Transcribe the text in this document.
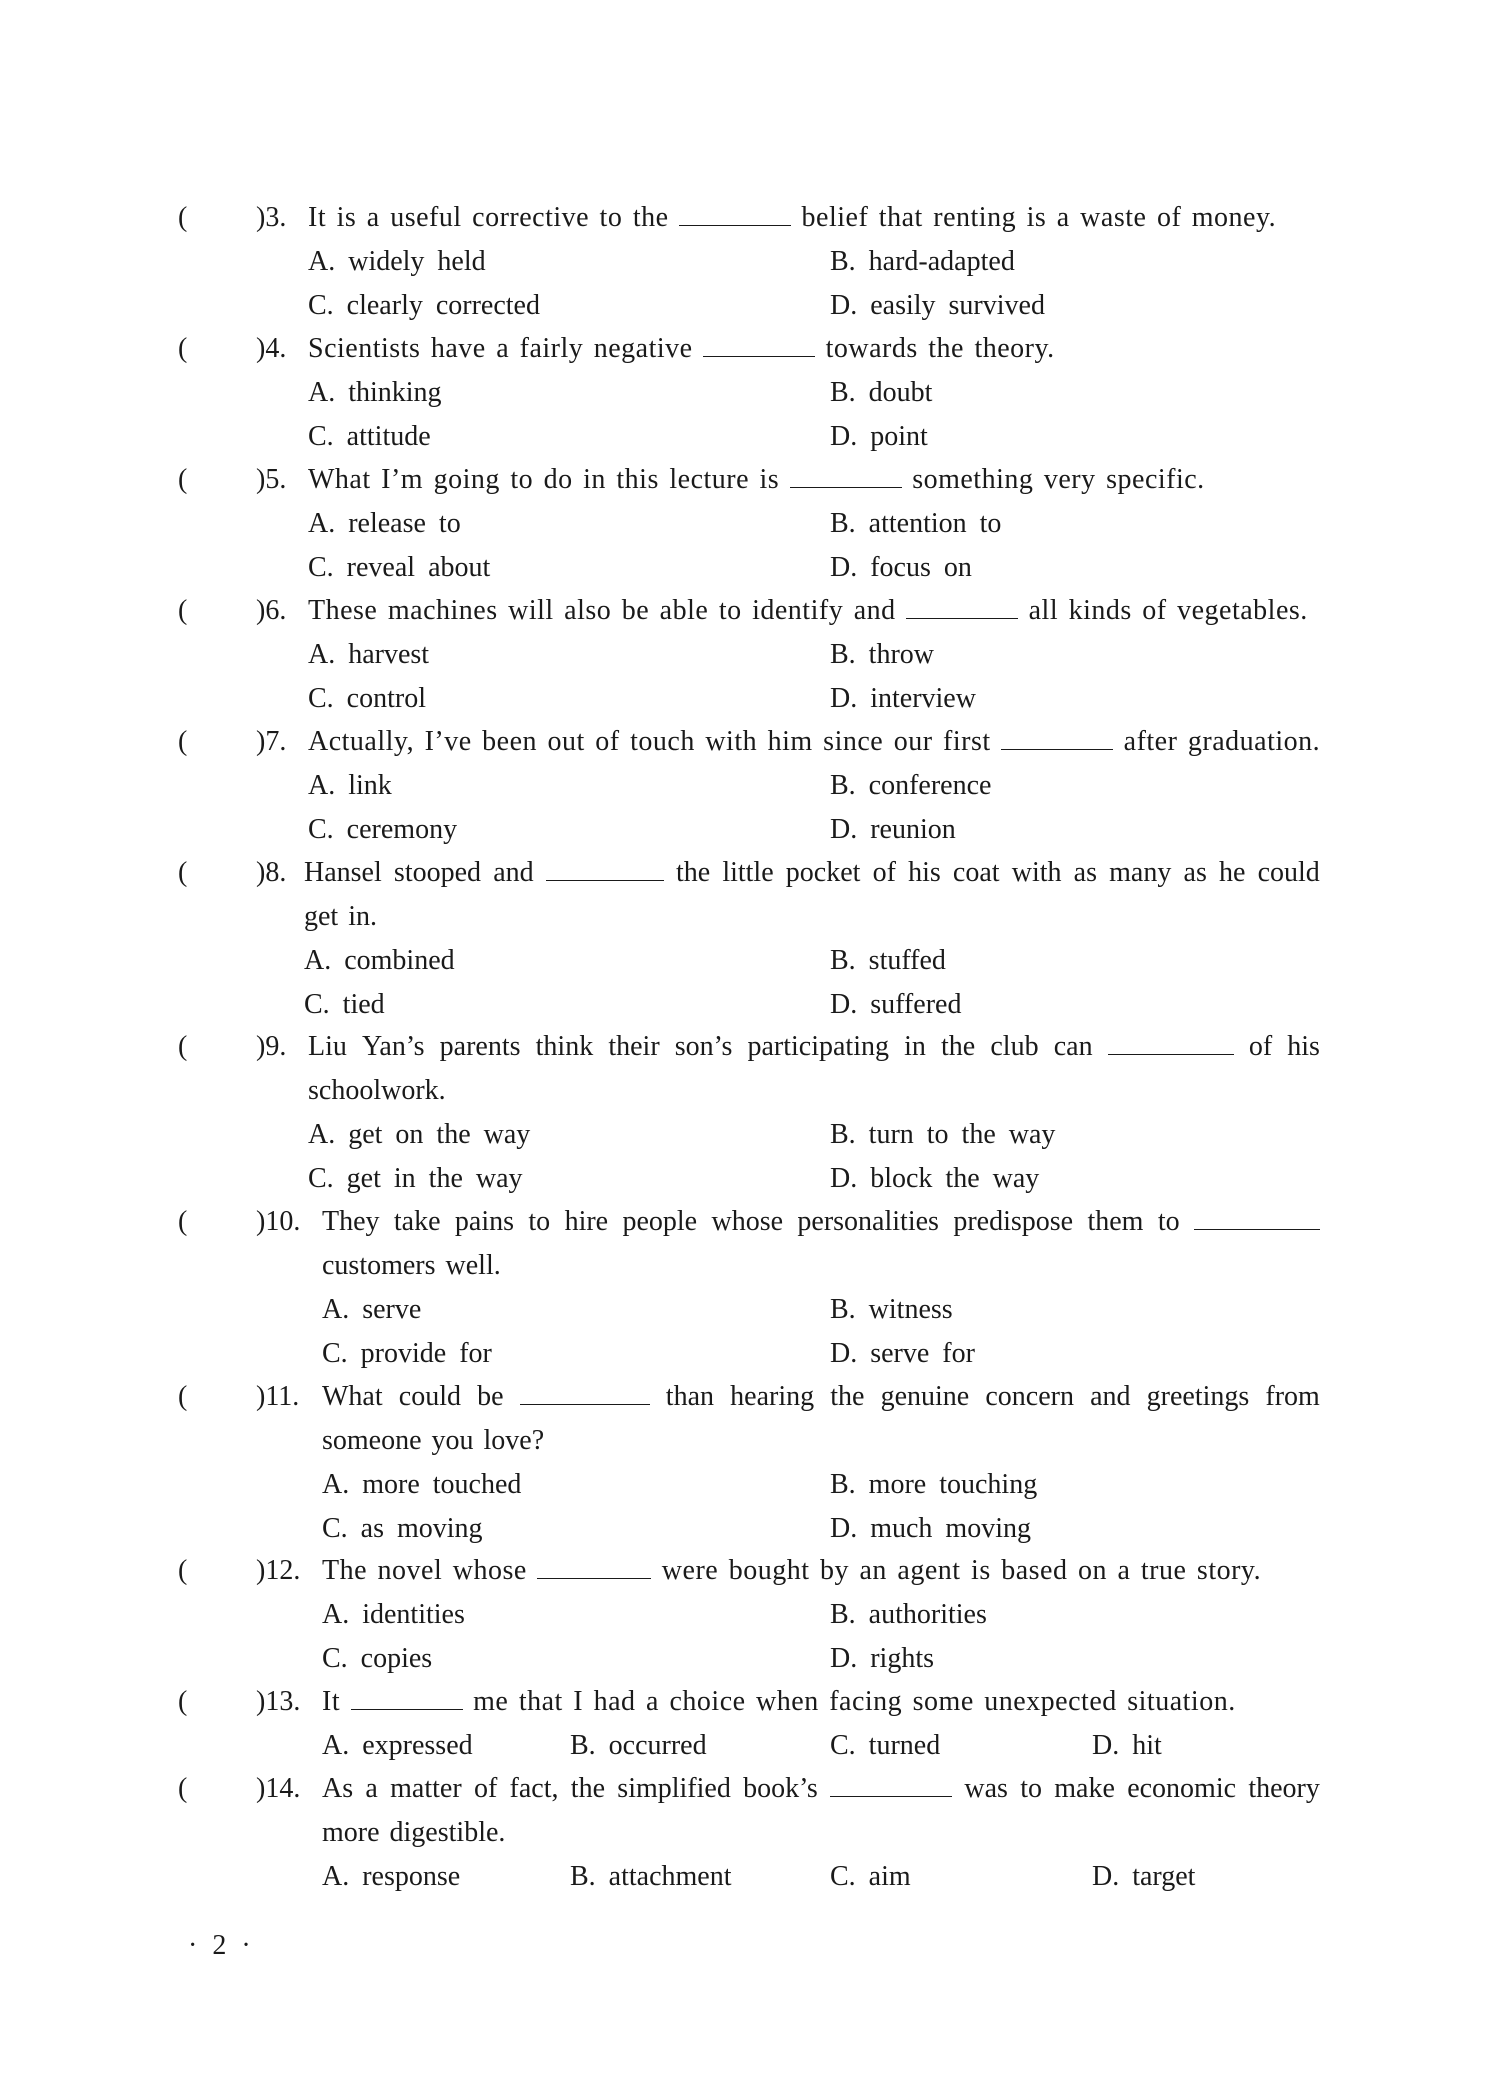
(	)3. It is a useful corrective to the	belief that renting is a waste of money.
A. widely held	B. hard-adapted
C. clearly corrected	D. easily survived
(	)4. Scientists have a fairly negative	towards the theory.
A. thinking	B. doubt
C. attitude	D. point
(	)5. What I’m going to do in this lecture is	something very specific.
A. release to	B. attention to
C. reveal about	D. focus on
(	)6. These machines will also be able to identify and	all kinds of vegetables.
A. harvest	B. throw
C. control	D. interview
(	)7. Actually, I’ve been out of touch with him since our first	after graduation.
A. link	B. conference
C. ceremony	D. reunion
(	)8. Hansel stooped and	the little pocket of his coat with as many as he could
get in.
A. combined	B. stuffed
C. tied	D. suffered
(	)9. Liu Yan’s parents think their son’s participating in the club can	of his
schoolwork.
A. get on the way	B. turn to the way
C. get in the way	D. block the way
(	)10. They take pains to hire people whose personalities predispose them to
customers well.
A. serve	B. witness
C. provide for	D. serve for
(	)11. What could be	than hearing the genuine concern and greetings from
someone you love?
A. more touched	B. more touching
C. as moving	D. much moving
(	)12. The novel whose	were bought by an agent is based on a true story.
A. identities	B. authorities
C. copies	D. rights
(	)13. It	me that I had a choice when facing some unexpected situation.
A. expressed	B. occurred	C. turned	D. hit
(	)14. As a matter of fact, the simplified book’s	was to make economic theory
more digestible.
A. response	B. attachment	C. aim	D. target
· 2 ·
